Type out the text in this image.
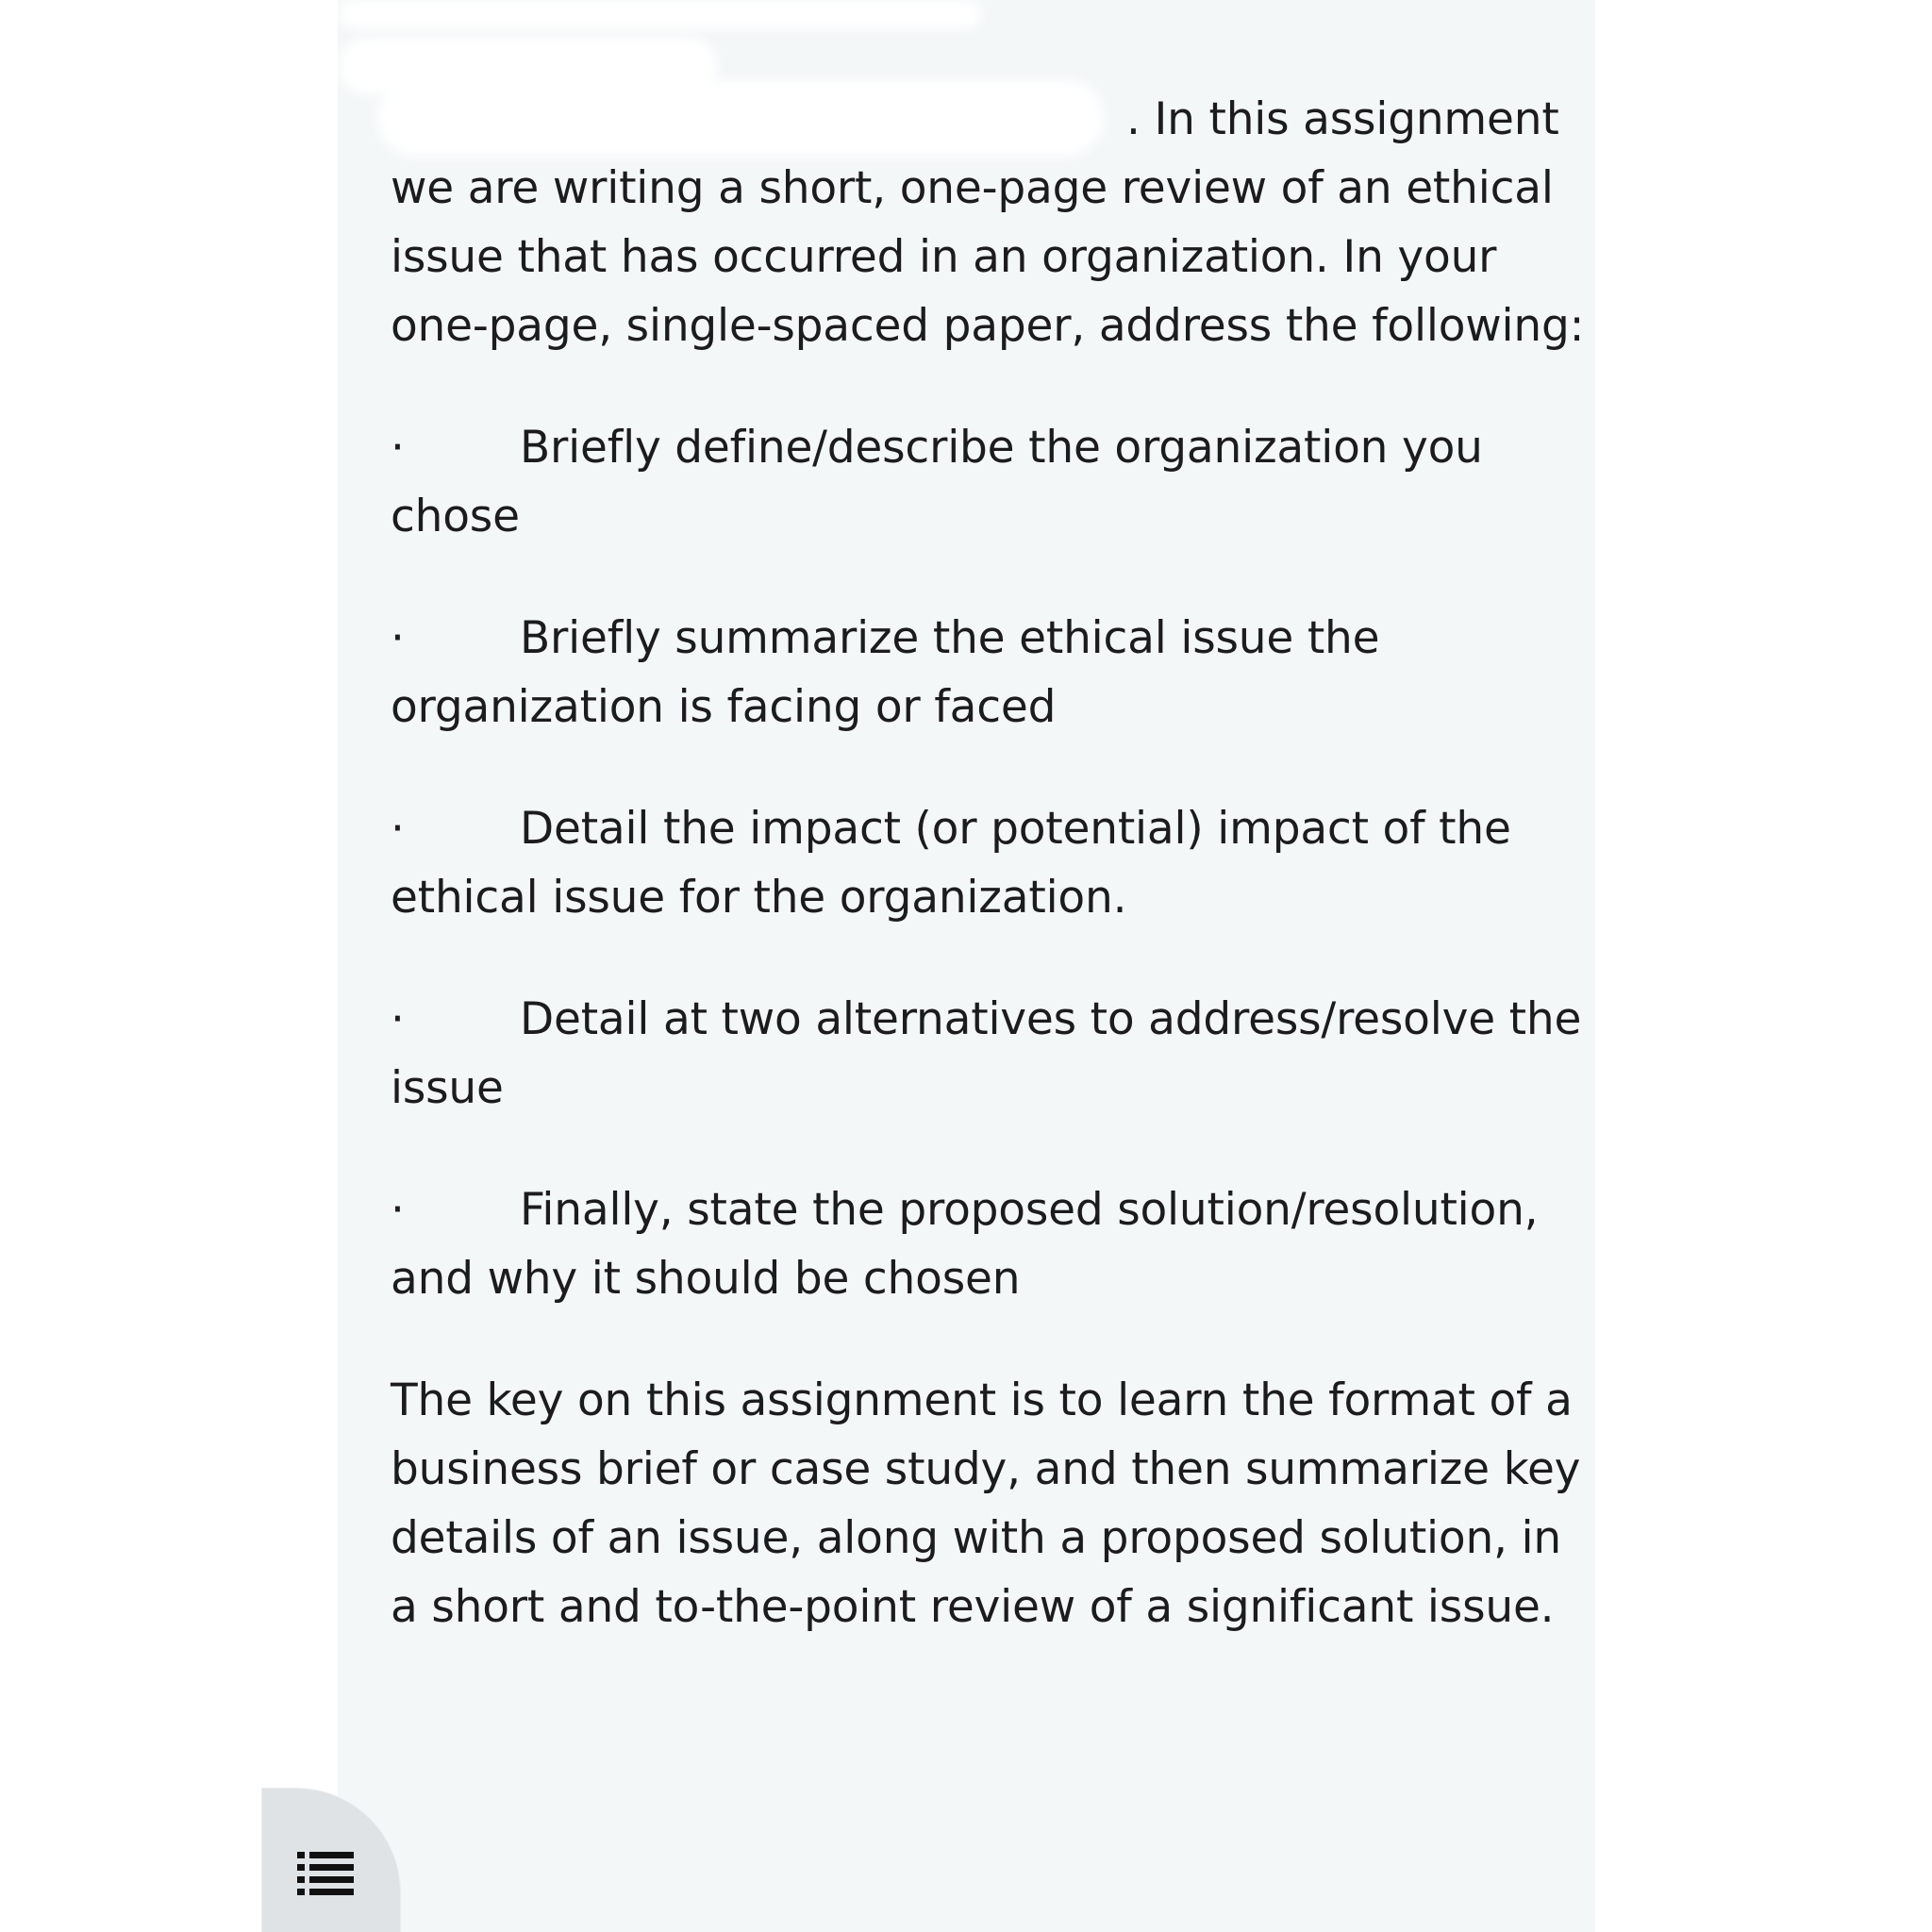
. In this assignment we are writing a short, one-page review of an ethical issue that has occurred in an organization. In your one-page, single-spaced paper, address the following:

·	Briefly define/describe the organization you chose

·	Briefly summarize the ethical issue the organization is facing or faced

·	Detail the impact (or potential) impact of the ethical issue for the organization.

·	Detail at two alternatives to address/resolve the issue

·	Finally, state the proposed solution/resolution, and why it should be chosen

The key on this assignment is to learn the format of a business brief or case study, and then summarize key details of an issue, along with a proposed solution, in a short and to-the-point review of a significant issue.
